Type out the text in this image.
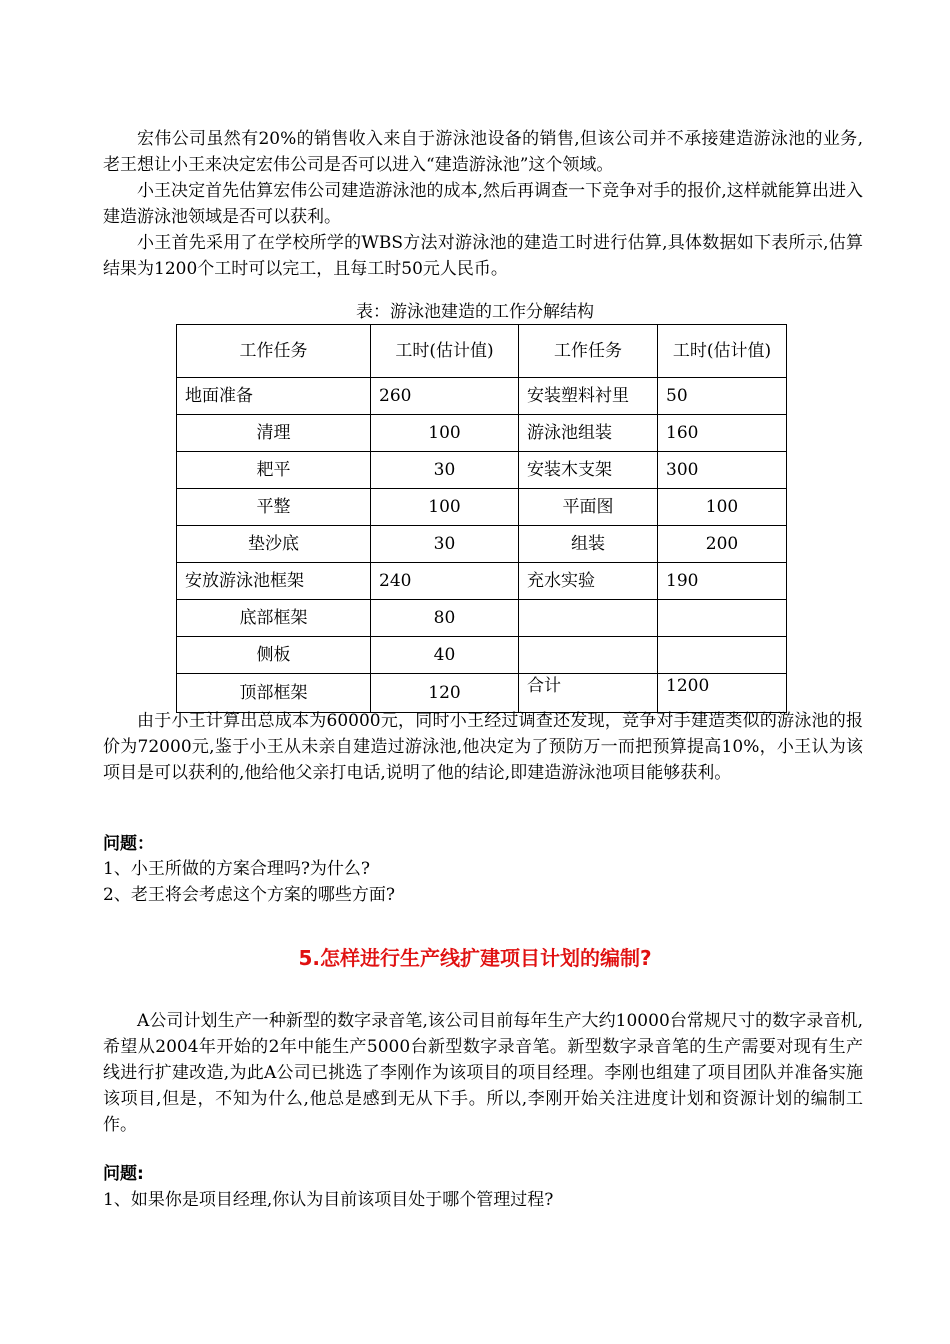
宏伟公司虽然有20%的销售收入来自于游泳池设备的销售,但该公司并不承接建造游泳池的业务,老王想让小王来决定宏伟公司是否可以进入“建造游泳池”这个领域。

小王决定首先估算宏伟公司建造游泳池的成本,然后再调查一下竞争对手的报价,这样就能算出进入建造游泳池领域是否可以获利。

小王首先采用了在学校所学的WBS方法对游泳池的建造工时进行估算,具体数据如下表所示,估算结果为1200个工时可以完工，且每工时50元人民币。

表：游泳池建造的工作分解结构
工作任务	工时(估计值)	工作任务	工时(估计值)
地面准备	260	安装塑料衬里	50
清理	100	游泳池组装	160
耙平	30	安装木支架	300
平整	100	平面图	100
垫沙底	30	组装	200
安放游泳池框架	240	充水实验	190
底部框架	80		
侧板	40		
顶部框架	120	合计	1200

由于小王计算出总成本为60000元，同时小王经过调查还发现，竞争对手建造类似的游泳池的报价为72000元,鉴于小王从未亲自建造过游泳池,他决定为了预防万一而把预算提高10%，小王认为该项目是可以获利的,他给他父亲打电话,说明了他的结论,即建造游泳池项目能够获利。

问题：
1、小王所做的方案合理吗?为什么?
2、老王将会考虑这个方案的哪些方面?
5.怎样进行生产线扩建项目计划的编制?

A公司计划生产一种新型的数字录音笔,该公司目前每年生产大约10000台常规尺寸的数字录音机,希望从2004年开始的2年中能生产5000台新型数字录音笔。新型数字录音笔的生产需要对现有生产线进行扩建改造,为此A公司已挑选了李刚作为该项目的项目经理。李刚也组建了项目团队并准备实施该项目,但是，不知为什么,他总是感到无从下手。所以,李刚开始关注进度计划和资源计划的编制工作。

问题:
1、如果你是项目经理,你认为目前该项目处于哪个管理过程?
